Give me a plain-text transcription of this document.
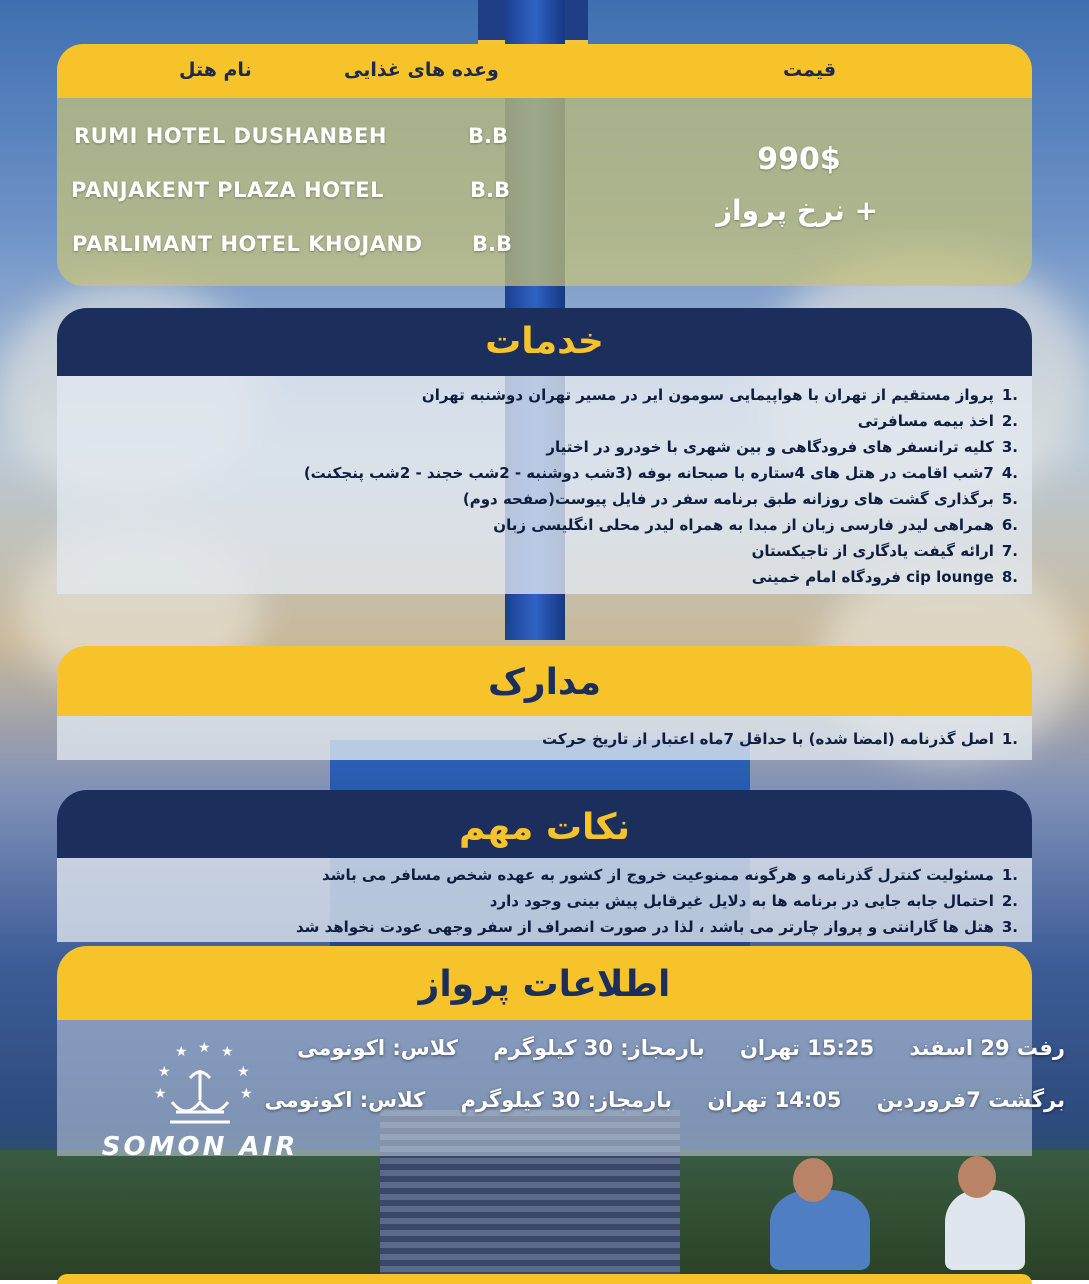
نام هتل	وعده های غذایی	قیمت
RUMI HOTEL DUSHANBEH	B.B
PANJAKENT PLAZA HOTEL	B.B
PARLIMANT HOTEL KHOJAND B.B
990$
+ نرخ پرواز
خدمات
.1پرواز مستقیم از تهران با هواپیمایی سومون ایر در مسیر تهران دوشنبه تهران
.2اخذ بیمه مسافرتی
.3کلیه ترانسفر های فرودگاهی و بین شهری با خودرو در اختیار
.47شب اقامت در هتل های 4ستاره با صبحانه بوفه (3شب دوشنبه - 2شب خجند - 2شب پنجکنت)
.5برگذاری گشت های روزانه طبق برنامه سفر در فایل پیوست(صفحه دوم)
.6همراهی لیدر فارسی زبان از مبدا به همراه لیدر محلی انگلیسی زبان
.7ارائه گیفت یادگاری از تاجیکستان
.8cip lounge فرودگاه امام خمینی
مدارک
.1اصل گذرنامه (امضا شده) با حداقل 7ماه اعتبار از تاریخ حرکت
نکات مهم
.1مسئولیت کنترل گذرنامه و هرگونه ممنوعیت خروج از کشور به عهده شخص مسافر می باشد
.2احتمال جابه جایی در برنامه ها به دلایل غیرقابل پیش بینی وجود دارد
.3هتل ها گارانتی و پرواز چارتر می باشد ، لذا در صورت انصراف از سفر وجهی عودت نخواهد شد
اطلاعات پرواز
رفت 29 اسفند 15:25 تهران بارمجاز: 30 کیلوگرم کلاس: اکونومی
برگشت 7فروردین 14:05 تهران بارمجاز: 30 کیلوگرم کلاس: اکونومی
★ ★ ★
★	★
★	★
SOMON AIR
